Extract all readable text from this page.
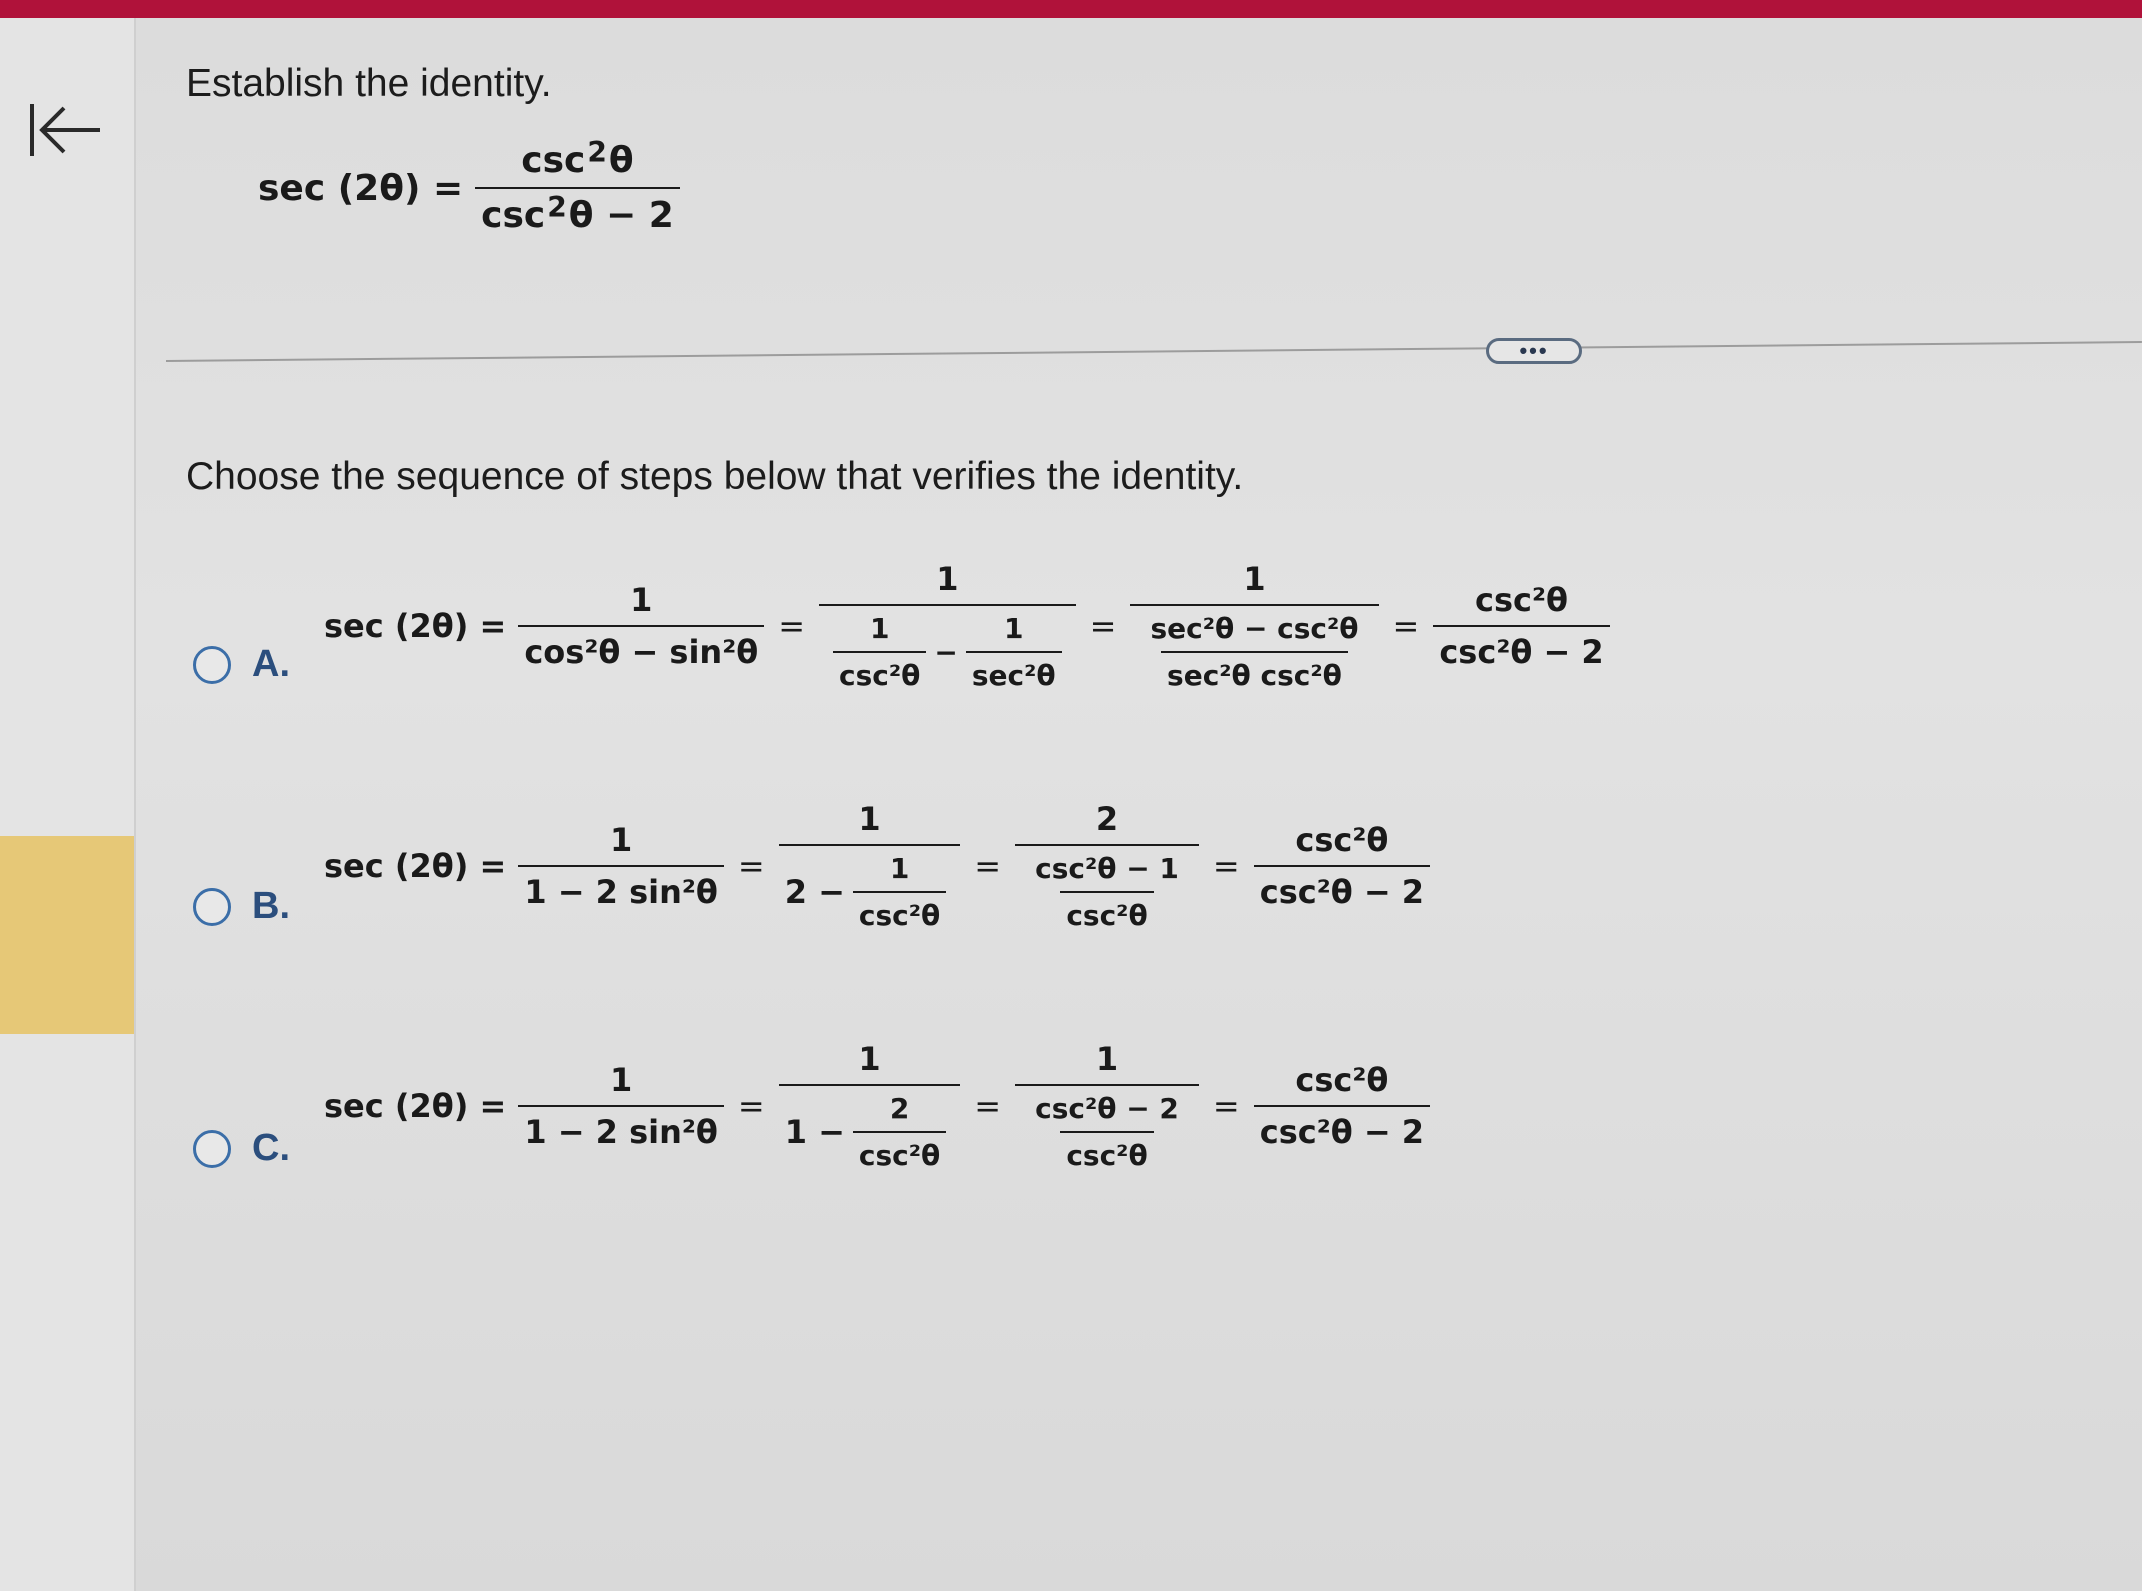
Establish the identity.
$\sec (2\theta) = \frac{\csc^2\theta}{\csc^2\theta - 2}$
•••
Choose the sequence of steps below that verifies the identity.
A.
$\sec (2\theta) = \frac{1}{\text{cos²θ − sin²θ}}$ =
1
$\frac{1}{\text{csc²θ}} - \frac{1}{\text{sec²θ}} = \frac{1}{\frac{\text{sec²θ − csc²θ}}{\text{sec²θ csc²θ}}} = \frac{\text{csc²θ}}{\text{csc²θ − 2}}$
B.
$\sec (2\theta) = \frac{1}{\text{1 − 2 sin²θ}} = \frac{1}{2 - \frac{1}{\text{csc²θ}}} = \frac{2}{\frac{\text{csc²θ − 1}}{\text{csc²θ}}} = \frac{\text{csc²θ}}{\text{csc²θ − 2}}$
C.
$\sec (2\theta) = \frac{1}{\text{1 − 2 sin²θ}} = \frac{1}{1 - \frac{2}{\text{csc²θ}}} = \frac{1}{\frac{\text{csc²θ − 2}}{\text{csc²θ}}} = \frac{\text{csc²θ}}{\text{csc²θ − 2}}$
